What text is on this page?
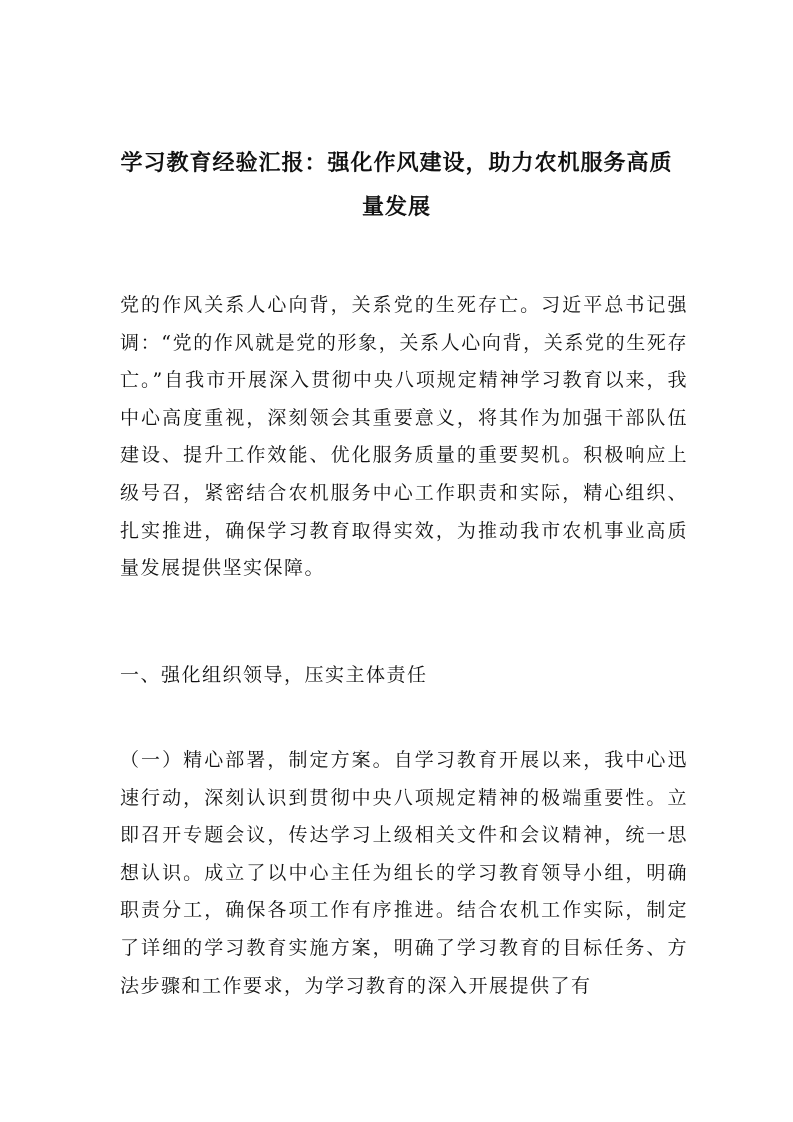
学习教育经验汇报：强化作风建设，助力农机服务高质量发展

党的作风关系人心向背，关系党的生死存亡。习近平总书记强调：“党的作风就是党的形象，关系人心向背，关系党的生死存亡。”自我市开展深入贯彻中央八项规定精神学习教育以来，我中心高度重视，深刻领会其重要意义，将其作为加强干部队伍建设、提升工作效能、优化服务质量的重要契机。积极响应上级号召，紧密结合农机服务中心工作职责和实际，精心组织、扎实推进，确保学习教育取得实效，为推动我市农机事业高质量发展提供坚实保障。

一、强化组织领导，压实主体责任

（一）精心部署，制定方案。自学习教育开展以来，我中心迅速行动，深刻认识到贯彻中央八项规定精神的极端重要性。立即召开专题会议，传达学习上级相关文件和会议精神，统一思想认识。成立了以中心主任为组长的学习教育领导小组，明确职责分工，确保各项工作有序推进。结合农机工作实际，制定了详细的学习教育实施方案，明确了学习教育的目标任务、方法步骤和工作要求，为学习教育的深入开展提供了有
